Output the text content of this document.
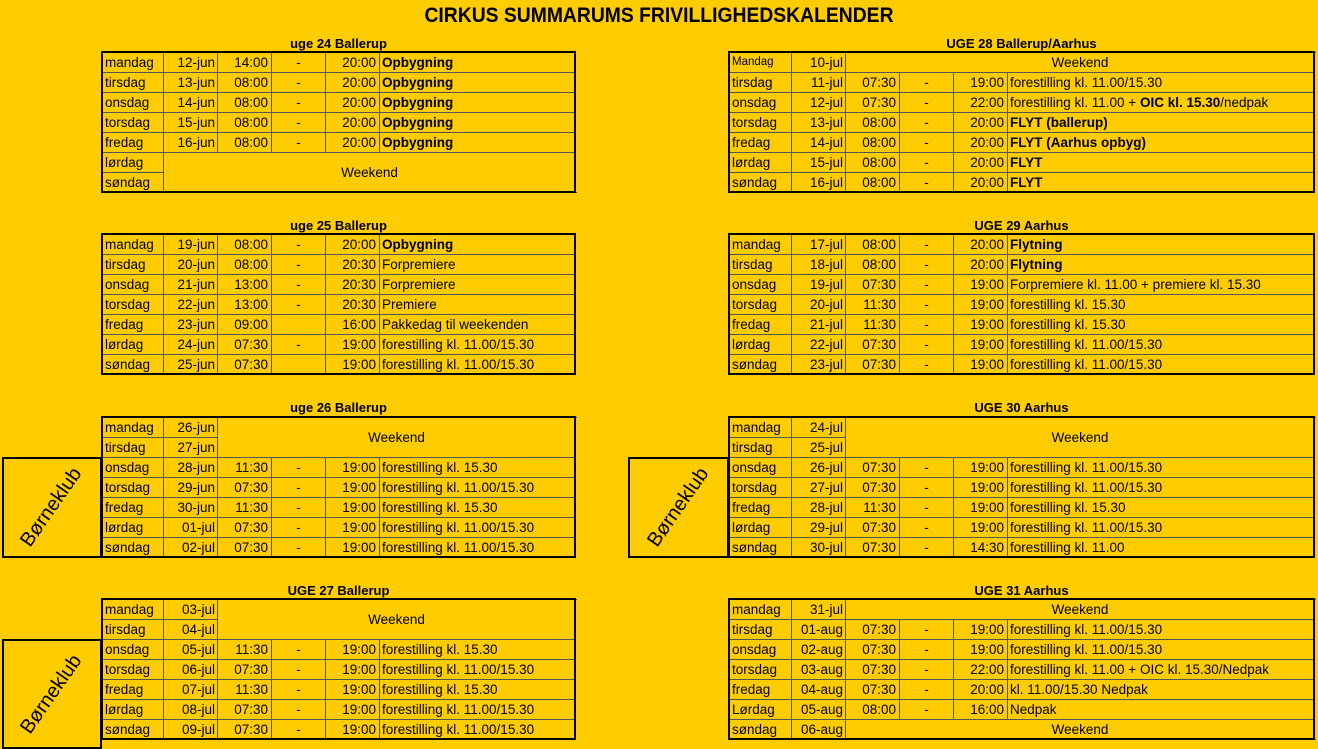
CIRKUS SUMMARUMS FRIVILLIGHEDSKALENDER
uge 24 Ballerup
mandag	12-jun	14:00	-	20:00	Opbygning
tirsdag	13-jun	08:00	-	20:00	Opbygning
onsdag	14-jun	08:00	-	20:00	Opbygning
torsdag	15-jun	08:00	-	20:00	Opbygning
fredag	16-jun	08:00	-	20:00	Opbygning
lørdag	Weekend				
søndag					
uge 25 Ballerup
mandag	19-jun	08:00	-	20:00	Opbygning
tirsdag	20-jun	08:00	-	20:30	Forpremiere
onsdag	21-jun	13:00	-	20:30	Forpremiere
torsdag	22-jun	13:00	-	20:30	Premiere
fredag	23-jun	09:00		16:00	Pakkedag til weekenden
lørdag	24-jun	07:30	-	19:00	forestilling kl. 11.00/15.30
søndag	25-jun	07:30		19:00	forestilling kl. 11.00/15.30
uge 26 Ballerup
mandag	26-jun	Weekend			
tirsdag	27-jun				
onsdag	28-jun	11:30	-	19:00	forestilling kl. 15.30
torsdag	29-jun	07:30	-	19:00	forestilling kl. 11.00/15.30
fredag	30-jun	11:30	-	19:00	forestilling kl. 15.30
lørdag	01-jul	07:30	-	19:00	forestilling kl. 11.00/15.30
søndag	02-jul	07:30	-	19:00	forestilling kl. 11.00/15.30
Børneklub
UGE 27 Ballerup
mandag	03-jul	Weekend			
tirsdag	04-jul				
onsdag	05-jul	11:30	-	19:00	forestilling kl. 15.30
torsdag	06-jul	07:30	-	19:00	forestilling kl. 11.00/15.30
fredag	07-jul	11:30	-	19:00	forestilling kl. 15.30
lørdag	08-jul	07:30	-	19:00	forestilling kl. 11.00/15.30
søndag	09-jul	07:30	-	19:00	forestilling kl. 11.00/15.30
Børneklub
UGE 28 Ballerup/Aarhus
Mandag	10-jul	Weekend			
tirsdag	11-jul	07:30	-	19:00	forestilling kl. 11.00/15.30
onsdag	12-jul	07:30	-	22:00	forestilling kl. 11.00 + OIC kl. 15.30/nedpak
torsdag	13-jul	08:00	-	20:00	FLYT (ballerup)
fredag	14-jul	08:00	-	20:00	FLYT (Aarhus opbyg)
lørdag	15-jul	08:00	-	20:00	FLYT
søndag	16-jul	08:00	-	20:00	FLYT
UGE 29 Aarhus
mandag	17-jul	08:00	-	20:00	Flytning
tirsdag	18-jul	08:00	-	20:00	Flytning
onsdag	19-jul	07:30	-	19:00	Forpremiere kl. 11.00 + premiere kl. 15.30
torsdag	20-jul	11:30	-	19:00	forestilling kl. 15.30
fredag	21-jul	11:30	-	19:00	forestilling kl. 15.30
lørdag	22-jul	07:30	-	19:00	forestilling kl. 11.00/15.30
søndag	23-jul	07:30	-	19:00	forestilling kl. 11.00/15.30
UGE 30 Aarhus
mandag	24-jul	Weekend			
tirsdag	25-jul				
onsdag	26-jul	07:30	-	19:00	forestilling kl. 11.00/15.30
torsdag	27-jul	07:30	-	19:00	forestilling kl. 11.00/15.30
fredag	28-jul	11:30	-	19:00	forestilling kl. 15.30
lørdag	29-jul	07:30	-	19:00	forestilling kl. 11.00/15.30
søndag	30-jul	07:30	-	14:30	forestilling kl. 11.00
Børneklub
UGE 31 Aarhus
mandag	31-jul	Weekend			
tirsdag	01-aug	07:30	-	19:00	forestilling kl. 11.00/15.30
onsdag	02-aug	07:30	-	19:00	forestilling kl. 11.00/15.30
torsdag	03-aug	07:30	-	22:00	forestilling kl. 11.00 + OIC kl. 15.30/Nedpak
fredag	04-aug	07:30	-	20:00	kl. 11.00/15.30 Nedpak
Lørdag	05-aug	08:00	-	16:00	Nedpak
søndag	06-aug	Weekend			
